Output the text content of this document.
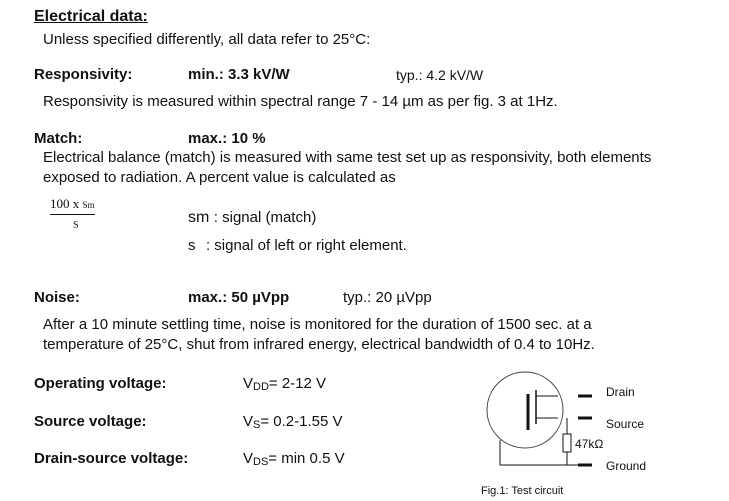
Electrical data:
Unless specified differently, all data refer to 25°C:
Responsivity:	min.: 3.3 kV/W	typ.: 4.2 kV/W
Responsivity is measured within spectral range 7 - 14 µm as per fig. 3 at 1Hz.
Match:	max.: 10 %
Electrical balance (match) is measured with same test set up as responsivity, both elements
exposed to radiation. A percent value is calculated as
100 x Sm
S	sm : signal (match)
s : signal of left or right element.
Noise:	max.: 50 µVpp	typ.: 20 µVpp
After a 10 minute settling time, noise is monitored for the duration of 1500 sec. at a
temperature of 25°C, shut from infrared energy, electrical bandwidth of 0.4 to 10Hz.
Operating voltage:	VDD= 2-12 V
Source voltage:	VS= 0.2-1.55 V
Drain-source voltage:	VDS= min 0.5 V
Drain
Source
47kΩ
Ground
Fig.1: Test circuit
